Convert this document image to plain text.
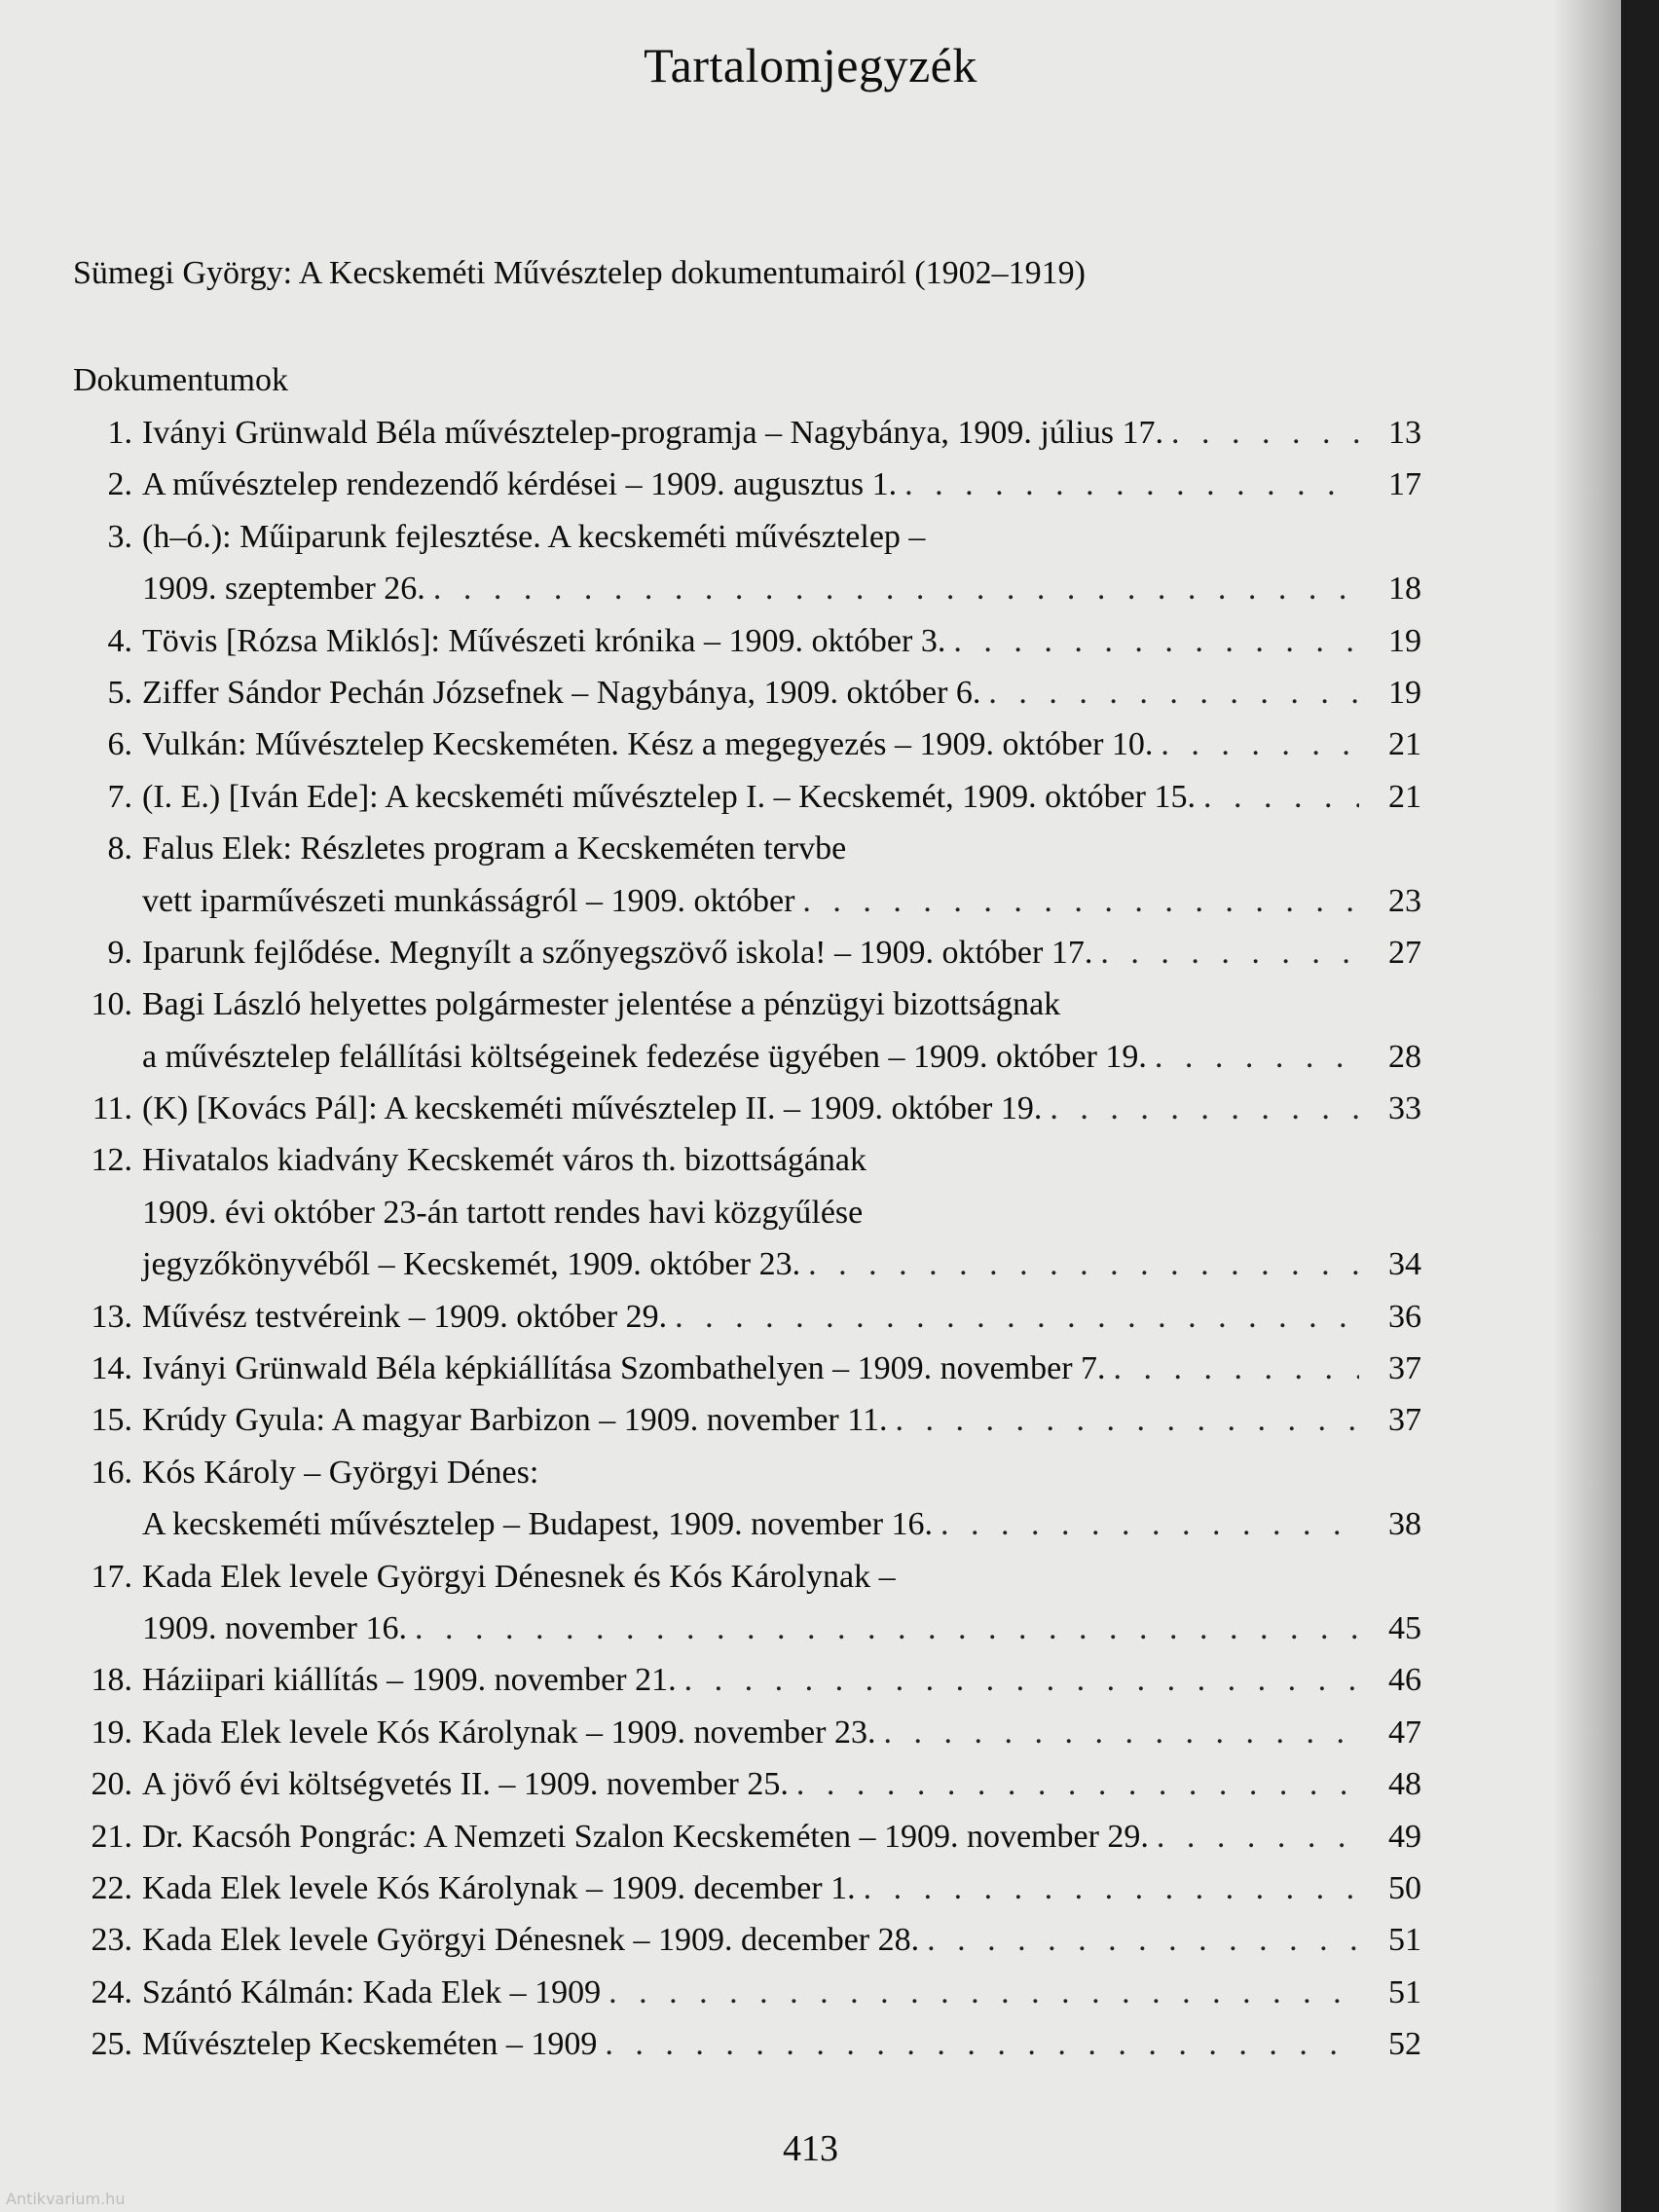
Tartalomjegyzék
Sümegi György: A Kecskeméti Művésztelep dokumentumairól (1902–1919)
Dokumentumok
1. Iványi Grünwald Béla művésztelep-programja – Nagybánya, 1909. július 17. . . .	13
2. A művésztelep rendezendő kérdései – 1909. augusztus 1. . . .	17
3. (h–ó.): Műiparunk fejlesztése. A kecskeméti művésztelep –
1909. szeptember 26. . . .	18
4. Tövis [Rózsa Miklós]: Művészeti krónika – 1909. október 3. . . .	19
5. Ziffer Sándor Pechán Józsefnek – Nagybánya, 1909. október 6. . . .	19
6. Vulkán: Művésztelep Kecskeméten. Kész a megegyezés – 1909. október 10. . . .	21
7. (I. E.) [Iván Ede]: A kecskeméti művésztelep I. – Kecskemét, 1909. október 15. . . .	21
8. Falus Elek: Részletes program a Kecskeméten tervbe
vett iparművészeti munkásságról – 1909. október . . .	23
9. Iparunk fejlődése. Megnyílt a szőnyegszövő iskola! – 1909. október 17. . . .	27
10. Bagi László helyettes polgármester jelentése a pénzügyi bizottságnak
a művésztelep felállítási költségeinek fedezése ügyében – 1909. október 19. . . .	28
11. (K) [Kovács Pál]: A kecskeméti művésztelep II. – 1909. október 19. . . .	33
12. Hivatalos kiadvány Kecskemét város th. bizottságának
1909. évi október 23-án tartott rendes havi közgyűlése
jegyzőkönyvéből – Kecskemét, 1909. október 23. . . .	34
13. Művész testvéreink – 1909. október 29. . . .	36
14. Iványi Grünwald Béla képkiállítása Szombathelyen – 1909. november 7. . . .	37
15. Krúdy Gyula: A magyar Barbizon – 1909. november 11. . . .	37
16. Kós Károly – Györgyi Dénes:
A kecskeméti művésztelep – Budapest, 1909. november 16. . . .	38
17. Kada Elek levele Györgyi Dénesnek és Kós Károlynak –
1909. november 16. . . .	45
18. Háziipari kiállítás – 1909. november 21. . . .	46
19. Kada Elek levele Kós Károlynak – 1909. november 23. . . .	47
20. A jövő évi költségvetés II. – 1909. november 25. . . .	48
21. Dr. Kacsóh Pongrác: A Nemzeti Szalon Kecskeméten – 1909. november 29. . . .	49
22. Kada Elek levele Kós Károlynak – 1909. december 1. . . .	50
23. Kada Elek levele Györgyi Dénesnek – 1909. december 28. . . .	51
24. Szántó Kálmán: Kada Elek – 1909 . . .	51
25. Művésztelep Kecskeméten – 1909 . . .	52
413
Antikvarium.hu
